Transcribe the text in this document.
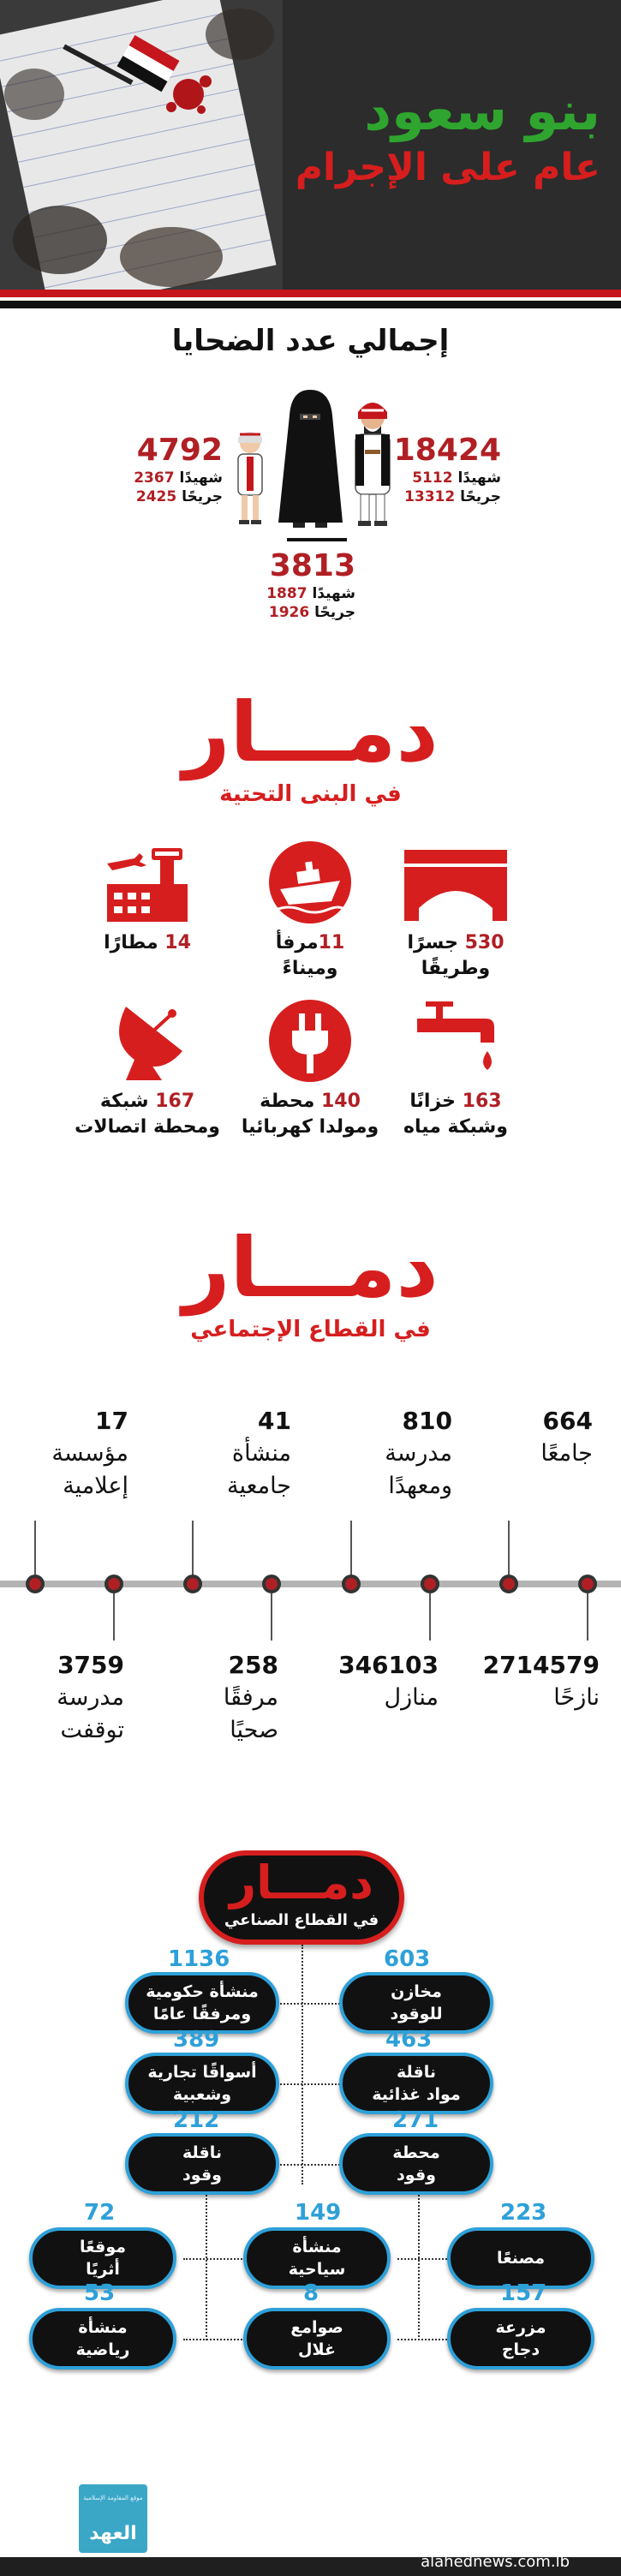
بنو سعود
عام على الإجرام
إجمالي عدد الضحايا
18424
شهيدًا 5112
جريحًا 13312
4792
شهيدًا 2367
جريحًا 2425
3813
شهيدًا 1887
جريحًا 1926
دمـــار
في البنى التحتية
530 جسرًا
وطريقًا
11مرفأ
وميناءً
14 مطارًا

163 خزانًا
وشبكة مياه
140 محطة
ومولدا كهربائيا
167 شبكة
ومحطة اتصالات
دمـــار
في القطاع الإجتماعي
664
جامعًا
810
مدرسة
ومعهدًا
41
منشأة
جامعية
17
مؤسسة
إعلامية
2714579
نازحًا
346103
منازل
258
مرفقًا
صحيًا
3759
مدرسة
توقفت
دمـــار
في القطاع الصناعي
603
مخازن
للوقود
1136
منشأة حكومية
ومرفقًا عامًا
463
ناقلة
مواد غذائية
389
أسواقًا تجارية
وشعبية
271
محطة
وقود
212
ناقلة
وقود
223
مصنعًا

149
منشأة
سياحية
72
موقعًا
أثريًا
157
مزرعة
دجاج
8
صوامع
غلال
53
منشأة
رياضية
موقع المقاومة الإسلامية
العهد
alahednews.com.lb
